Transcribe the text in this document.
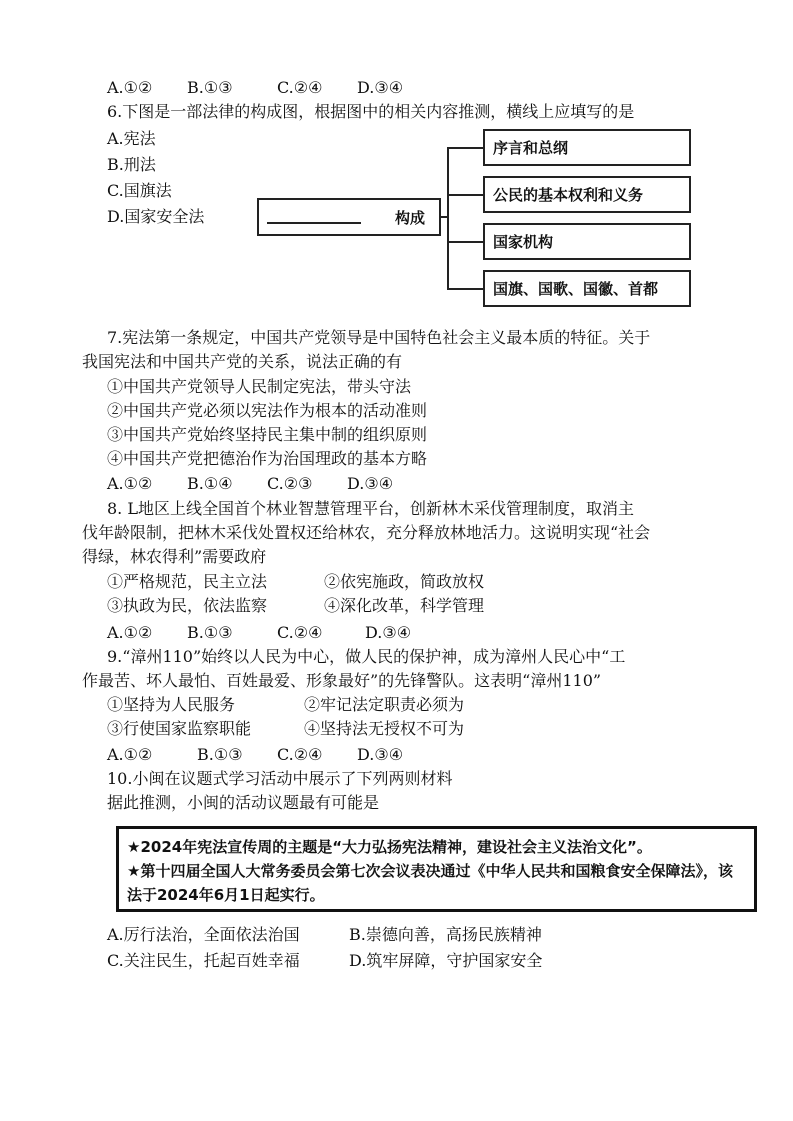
A.①② B.①③	C.②④ D.③④
6.下图是一部法律的构成图，根据图中的相关内容推测，横线上应填写的是
A.宪法
B.刑法
C.国旗法
D.国家安全法	构成
序言和总纲
公民的基本权利和义务
国家机构
国旗、国歌、国徽、首都
7.宪法第一条规定，中国共产党领导是中国特色社会主义最本质的特征。关于
我国宪法和中国共产党的关系，说法正确的有
①中国共产党领导人民制定宪法，带头守法
②中国共产党必须以宪法作为根本的活动准则
③中国共产党始终坚持民主集中制的组织原则
④中国共产党把德治作为治国理政的基本方略
A.①② B.①④ C.②③ D.③④
8. L地区上线全国首个林业智慧管理平台，创新林木采伐管理制度，取消主
伐年龄限制，把林木采伐处置权还给林农，充分释放林地活力。这说明实现“社会
得绿，林农得利”需要政府
①严格规范，民主立法	②依宪施政，简政放权
③执政为民，依法监察	④深化改革，科学管理
A.①② B.①③	C.②④	D.③④
9.“漳州110”始终以人民为中心，做人民的保护神，成为漳州人民心中“工
作最苦、坏人最怕、百姓最爱、形象最好”的先锋警队。这表明“漳州110”
①坚持为人民服务	②牢记法定职责必须为
③行使国家监察职能	④坚持法无授权不可为
A.①②	B.①③ C.②④ D.③④
10.小闽在议题式学习活动中展示了下列两则材料
据此推测，小闽的活动议题最有可能是
★2024年宪法宣传周的主题是“大力弘扬宪法精神，建设社会主义法治文化”。
★第十四届全国人大常务委员会第七次会议表决通过《中华人民共和国粮食安全保障法》，该法于2024年6月1日起实行。
A.厉行法治，全面依法治国	B.崇德向善，高扬民族精神
C.关注民生，托起百姓幸福	D.筑牢屏障，守护国家安全
